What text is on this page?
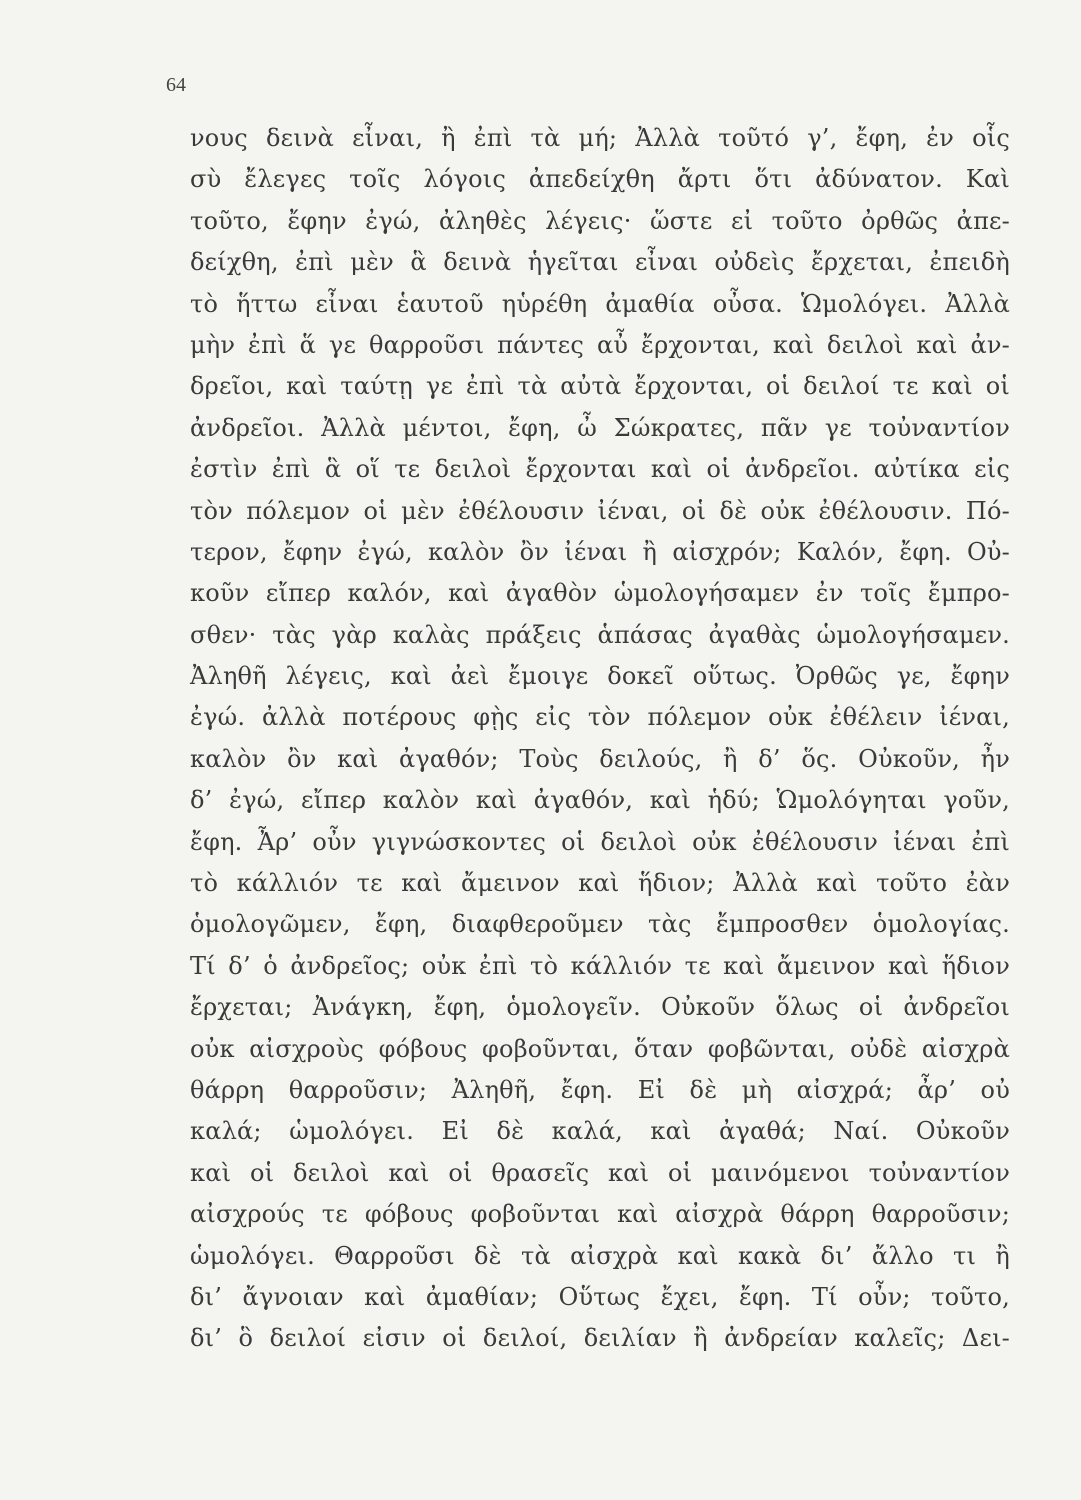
64
νους δεινὰ εἶναι, ἢ ἐπὶ τὰ μή; Ἀλλὰ τοῦτό γ’, ἔφη, ἐν οἷς
σὺ ἔλεγες τοῖς λόγοις ἀπεδείχθη ἄρτι ὅτι ἀδύνατον. Καὶ
τοῦτο, ἔφην ἐγώ, ἀληθὲς λέγεις· ὥστε εἰ τοῦτο ὀρθῶς ἀπε-
δείχθη, ἐπὶ μὲν ἃ δεινὰ ἡγεῖται εἶναι οὐδεὶς ἔρχεται, ἐπειδὴ
τὸ ἥττω εἶναι ἑαυτοῦ ηὑρέθη ἀμαθία οὖσα. Ὡμολόγει. Ἀλλὰ
μὴν ἐπὶ ἅ γε θαρροῦσι πάντες αὖ ἔρχονται, καὶ δειλοὶ καὶ ἀν-
δρεῖοι, καὶ ταύτῃ γε ἐπὶ τὰ αὐτὰ ἔρχονται, οἱ δειλοί τε καὶ οἱ
ἀνδρεῖοι. Ἀλλὰ μέντοι, ἔφη, ὦ Σώκρατες, πᾶν γε τοὐναντίον
ἐστὶν ἐπὶ ἃ οἵ τε δειλοὶ ἔρχονται καὶ οἱ ἀνδρεῖοι. αὐτίκα εἰς
τὸν πόλεμον οἱ μὲν ἐθέλουσιν ἰέναι, οἱ δὲ οὐκ ἐθέλουσιν. Πό-
τερον, ἔφην ἐγώ, καλὸν ὂν ἰέναι ἢ αἰσχρόν; Καλόν, ἔφη. Οὐ-
κοῦν εἴπερ καλόν, καὶ ἀγαθὸν ὡμολογήσαμεν ἐν τοῖς ἔμπρο-
σθεν· τὰς γὰρ καλὰς πράξεις ἁπάσας ἀγαθὰς ὡμολογήσαμεν.
Ἀληθῆ λέγεις, καὶ ἀεὶ ἔμοιγε δοκεῖ οὕτως. Ὀρθῶς γε, ἔφην
ἐγώ. ἀλλὰ ποτέρους φῂς εἰς τὸν πόλεμον οὐκ ἐθέλειν ἰέναι,
καλὸν ὂν καὶ ἀγαθόν; Τοὺς δειλούς, ἢ δ’ ὅς. Οὐκοῦν, ἦν
δ’ ἐγώ, εἴπερ καλὸν καὶ ἀγαθόν, καὶ ἡδύ; Ὡμολόγηται γοῦν,
ἔφη. Ἆρ’ οὖν γιγνώσκοντες οἱ δειλοὶ οὐκ ἐθέλουσιν ἰέναι ἐπὶ
τὸ κάλλιόν τε καὶ ἄμεινον καὶ ἥδιον; Ἀλλὰ καὶ τοῦτο ἐὰν
ὁμολογῶμεν, ἔφη, διαφθεροῦμεν τὰς ἔμπροσθεν ὁμολογίας.
Τί δ’ ὁ ἀνδρεῖος; οὐκ ἐπὶ τὸ κάλλιόν τε καὶ ἄμεινον καὶ ἥδιον
ἔρχεται; Ἀνάγκη, ἔφη, ὁμολογεῖν. Οὐκοῦν ὅλως οἱ ἀνδρεῖοι
οὐκ αἰσχροὺς φόβους φοβοῦνται, ὅταν φοβῶνται, οὐδὲ αἰσχρὰ
θάρρη θαρροῦσιν; Ἀληθῆ, ἔφη. Εἰ δὲ μὴ αἰσχρά; ἆρ’ οὐ
καλά; ὡμολόγει. Εἰ δὲ καλά, καὶ ἀγαθά; Ναί. Οὐκοῦν
καὶ οἱ δειλοὶ καὶ οἱ θρασεῖς καὶ οἱ μαινόμενοι τοὐναντίον
αἰσχρούς τε φόβους φοβοῦνται καὶ αἰσχρὰ θάρρη θαρροῦσιν;
ὡμολόγει. Θαρροῦσι δὲ τὰ αἰσχρὰ καὶ κακὰ δι’ ἄλλο τι ἢ
δι’ ἄγνοιαν καὶ ἀμαθίαν; Οὕτως ἔχει, ἔφη. Τί οὖν; τοῦτο,
δι’ ὃ δειλοί εἰσιν οἱ δειλοί, δειλίαν ἢ ἀνδρείαν καλεῖς; Δει-
